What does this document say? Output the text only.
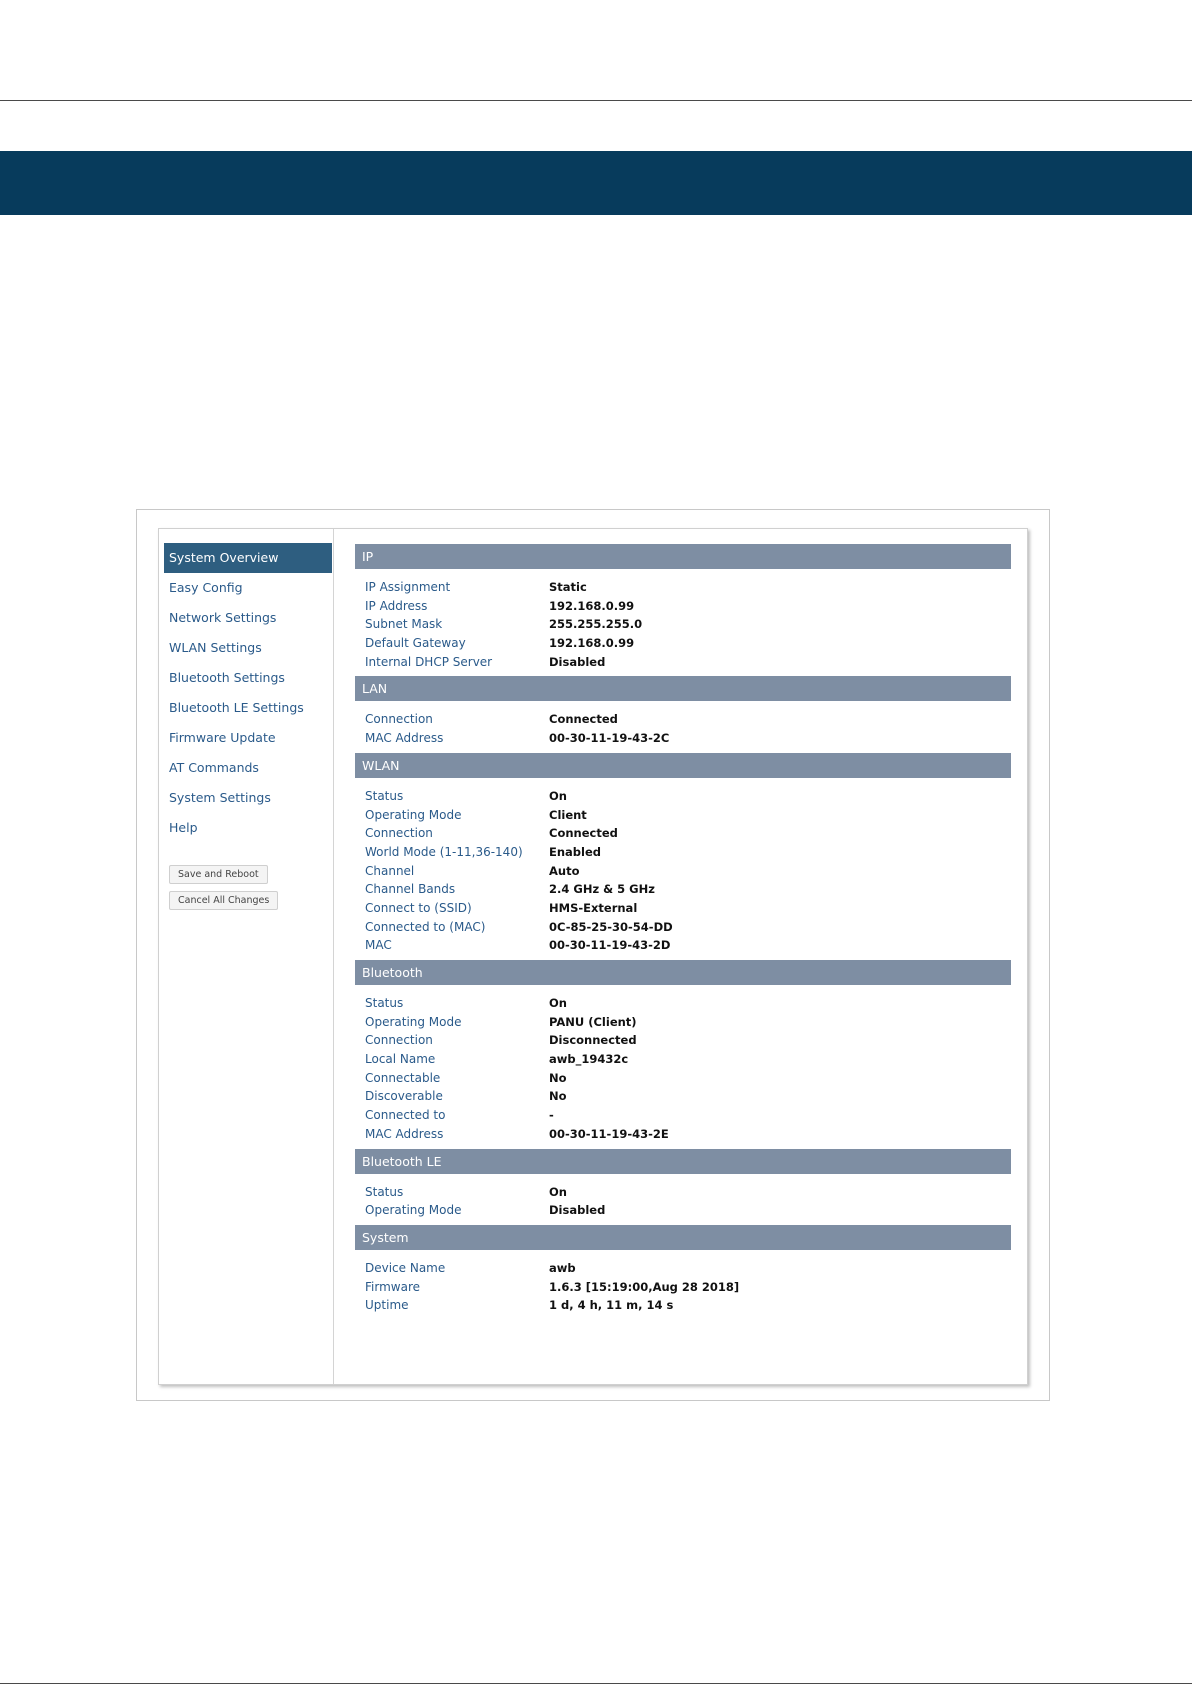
System Overview
Easy Config
Network Settings
WLAN Settings
Bluetooth Settings
Bluetooth LE Settings
Firmware Update
AT Commands
System Settings
Help
Save and Reboot
Cancel All Changes
IP
IP Assignment	Static
IP Address	192.168.0.99
Subnet Mask	255.255.255.0
Default Gateway	192.168.0.99
Internal DHCP Server	Disabled
LAN
Connection	Connected
MAC Address	00-30-11-19-43-2C
WLAN
Status	On
Operating Mode	Client
Connection	Connected
World Mode (1-11,36-140)	Enabled
Channel	Auto
Channel Bands	2.4 GHz & 5 GHz
Connect to (SSID)	HMS-External
Connected to (MAC)	0C-85-25-30-54-DD
MAC	00-30-11-19-43-2D
Bluetooth
Status	On
Operating Mode	PANU (Client)
Connection	Disconnected
Local Name	awb_19432c
Connectable	No
Discoverable	No
Connected to	-
MAC Address	00-30-11-19-43-2E
Bluetooth LE
Status	On
Operating Mode	Disabled
System
Device Name	awb
Firmware	1.6.3 [15:19:00,Aug 28 2018]
Uptime	1 d, 4 h, 11 m, 14 s
